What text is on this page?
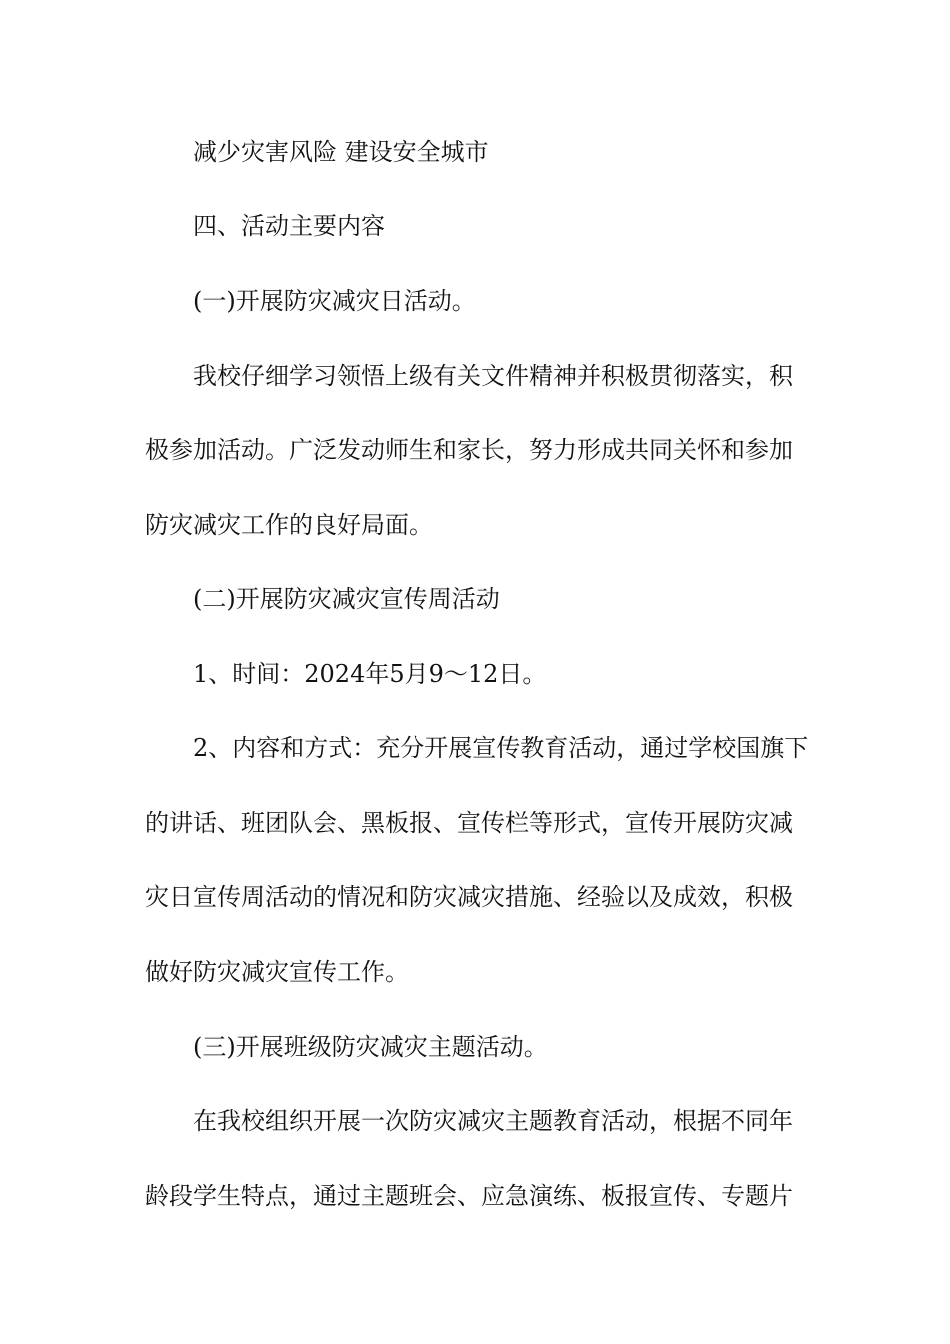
减少灾害风险 建设安全城市
四、活动主要内容
(一)开展防灾减灾日活动。
我校仔细学习领悟上级有关文件精神并积极贯彻落实，积
极参加活动。广泛发动师生和家长，努力形成共同关怀和参加
防灾减灾工作的良好局面。
(二)开展防灾减灾宣传周活动
1、时间：2024年5月9～12日。
2、内容和方式：充分开展宣传教育活动，通过学校国旗下
的讲话、班团队会、黑板报、宣传栏等形式，宣传开展防灾减
灾日宣传周活动的情况和防灾减灾措施、经验以及成效，积极
做好防灾减灾宣传工作。
(三)开展班级防灾减灾主题活动。
在我校组织开展一次防灾减灾主题教育活动，根据不同年
龄段学生特点，通过主题班会、应急演练、板报宣传、专题片
